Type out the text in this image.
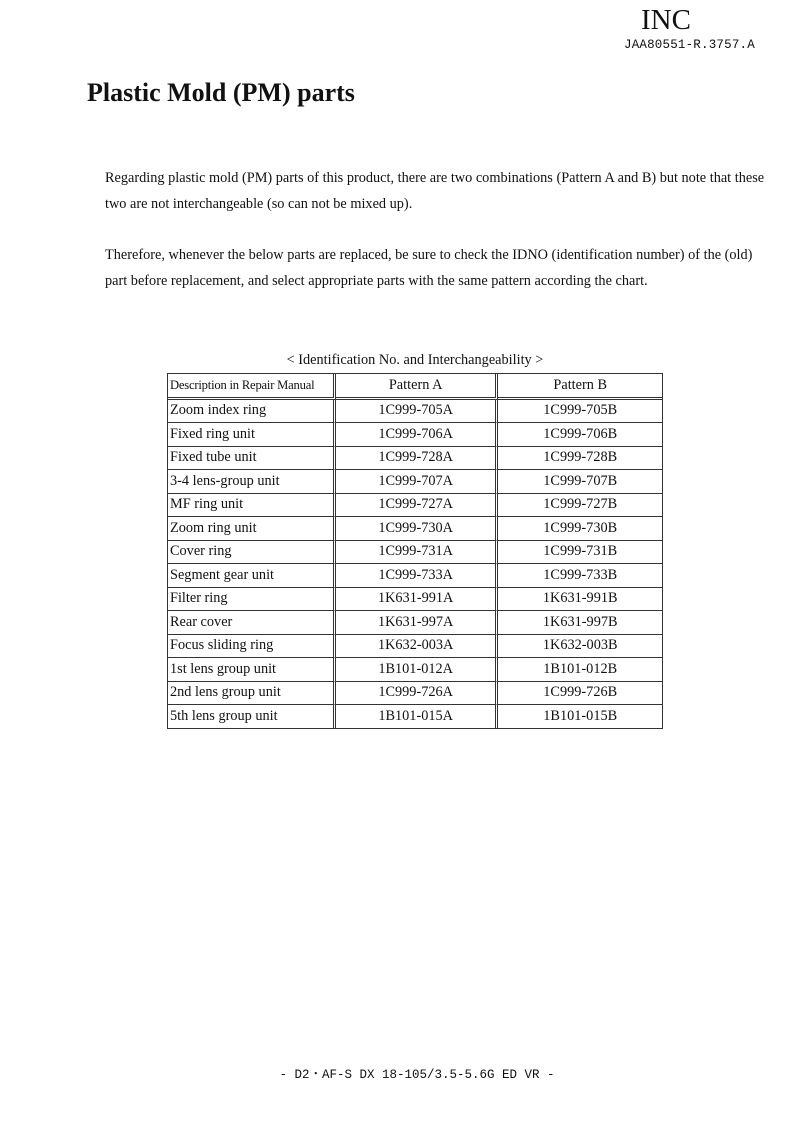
INC
JAA80551-R.3757.A
Plastic Mold (PM) parts

Regarding plastic mold (PM) parts of this product, there are two combinations (Pattern A and B) but note that these two are not interchangeable (so can not be mixed up).

Therefore, whenever the below parts are replaced, be sure to check the IDNO (identification number) of the (old) part before replacement, and select appropriate parts with the same pattern according the chart.

< Identification No. and Interchangeability >
Description in Repair Manual	Pattern A	Pattern B
Zoom index ring	1C999-705A	1C999-705B
Fixed ring unit	1C999-706A	1C999-706B
Fixed tube unit	1C999-728A	1C999-728B
3-4 lens-group unit	1C999-707A	1C999-707B
MF ring unit	1C999-727A	1C999-727B
Zoom ring unit	1C999-730A	1C999-730B
Cover ring	1C999-731A	1C999-731B
Segment gear unit	1C999-733A	1C999-733B
Filter ring	1K631-991A	1K631-991B
Rear cover	1K631-997A	1K631-997B
Focus sliding ring	1K632-003A	1K632-003B
1st lens group unit	1B101-012A	1B101-012B
2nd lens group unit	1C999-726A	1C999-726B
5th lens group unit	1B101-015A	1B101-015B
- D2・AF-S DX 18-105/3.5-5.6G ED VR -
